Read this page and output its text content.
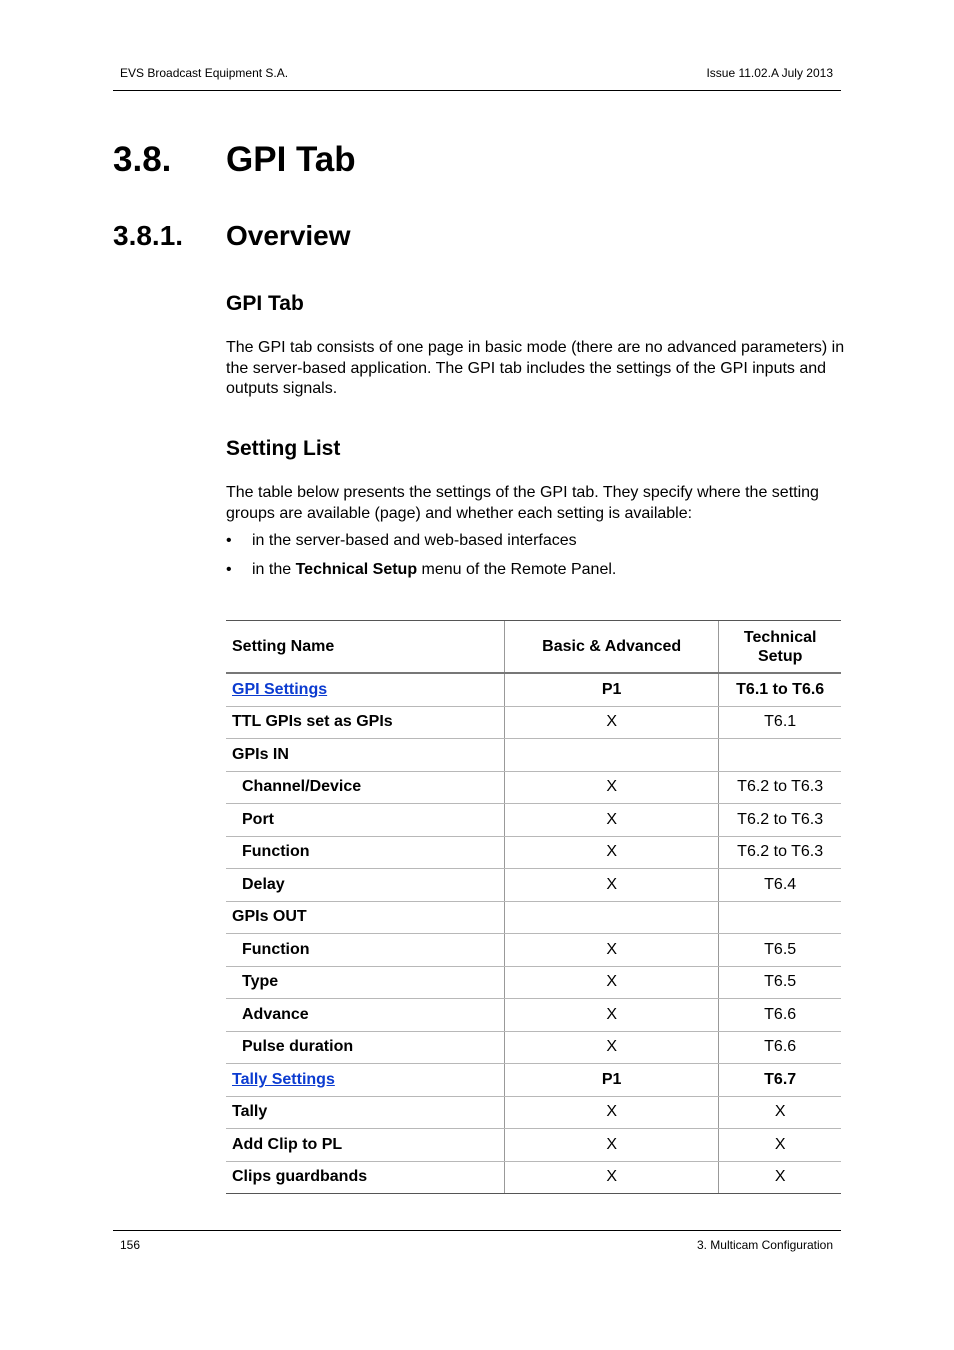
EVS Broadcast Equipment S.A.	Issue 11.02.A July 2013
3.8. GPI Tab
3.8.1. Overview
GPI Tab

The GPI tab consists of one page in basic mode (there are no advanced parameters) in the server-based application. The GPI tab includes the settings of the GPI inputs and outputs signals.

Setting List

The table below presents the settings of the GPI tab. They specify where the setting groups are available (page) and whether each setting is available:

• in the server-based and web-based interfaces
• in the Technical Setup menu of the Remote Panel.
Setting Name	Basic & Advanced	Technical
Setup
GPI Settings	P1	T6.1 to T6.6
TTL GPIs set as GPIs	X	T6.1
GPIs IN		
Channel/Device	X	T6.2 to T6.3
Port	X	T6.2 to T6.3
Function	X	T6.2 to T6.3
Delay	X	T6.4
GPIs OUT		
Function	X	T6.5
Type	X	T6.5
Advance	X	T6.6
Pulse duration	X	T6.6
Tally Settings	P1	T6.7
Tally	X	X
Add Clip to PL	X	X
Clips guardbands	X	X
156	3. Multicam Configuration
